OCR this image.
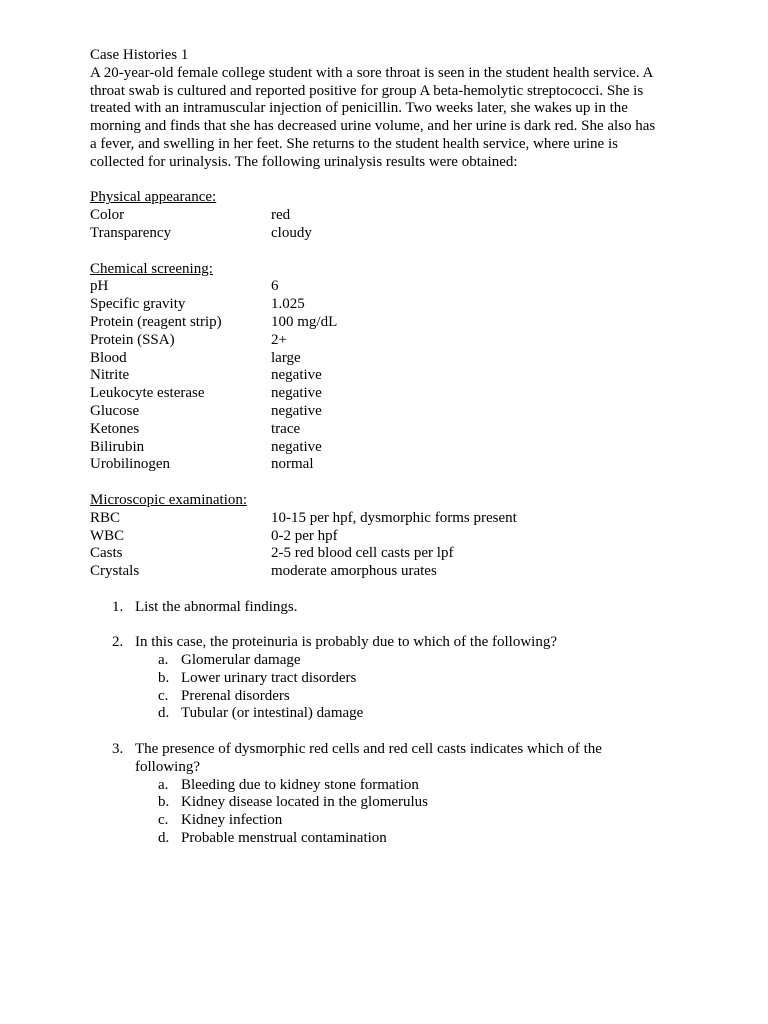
Case Histories 1

A 20-year-old female college student with a sore throat is seen in the student health service. A throat swab is cultured and reported positive for group A beta-hemolytic streptococci. She is treated with an intramuscular injection of penicillin. Two weeks later, she wakes up in the morning and finds that she has decreased urine volume, and her urine is dark red. She also has a fever, and swelling in her feet. She returns to the student health service, where urine is collected for urinalysis. The following urinalysis results were obtained:

Physical appearance:
Color	red
Transparency	cloudy
Chemical screening:
pH	6
Specific gravity	1.025
Protein (reagent strip)	100 mg/dL
Protein (SSA)	2+
Blood	large
Nitrite	negative
Leukocyte esterase	negative
Glucose	negative
Ketones	trace
Bilirubin	negative
Urobilinogen	normal
Microscopic examination:
RBC	10-15 per hpf, dysmorphic forms present
WBC	0-2 per hpf
Casts	2-5 red blood cell casts per lpf
Crystals	moderate amorphous urates
1. List the abnormal findings.
2. In this case, the proteinuria is probably due to which of the following?
a. Glomerular damage
b. Lower urinary tract disorders
c. Prerenal disorders
d. Tubular (or intestinal) damage
3. The presence of dysmorphic red cells and red cell casts indicates which of the following?
a. Bleeding due to kidney stone formation
b. Kidney disease located in the glomerulus
c. Kidney infection
d. Probable menstrual contamination
